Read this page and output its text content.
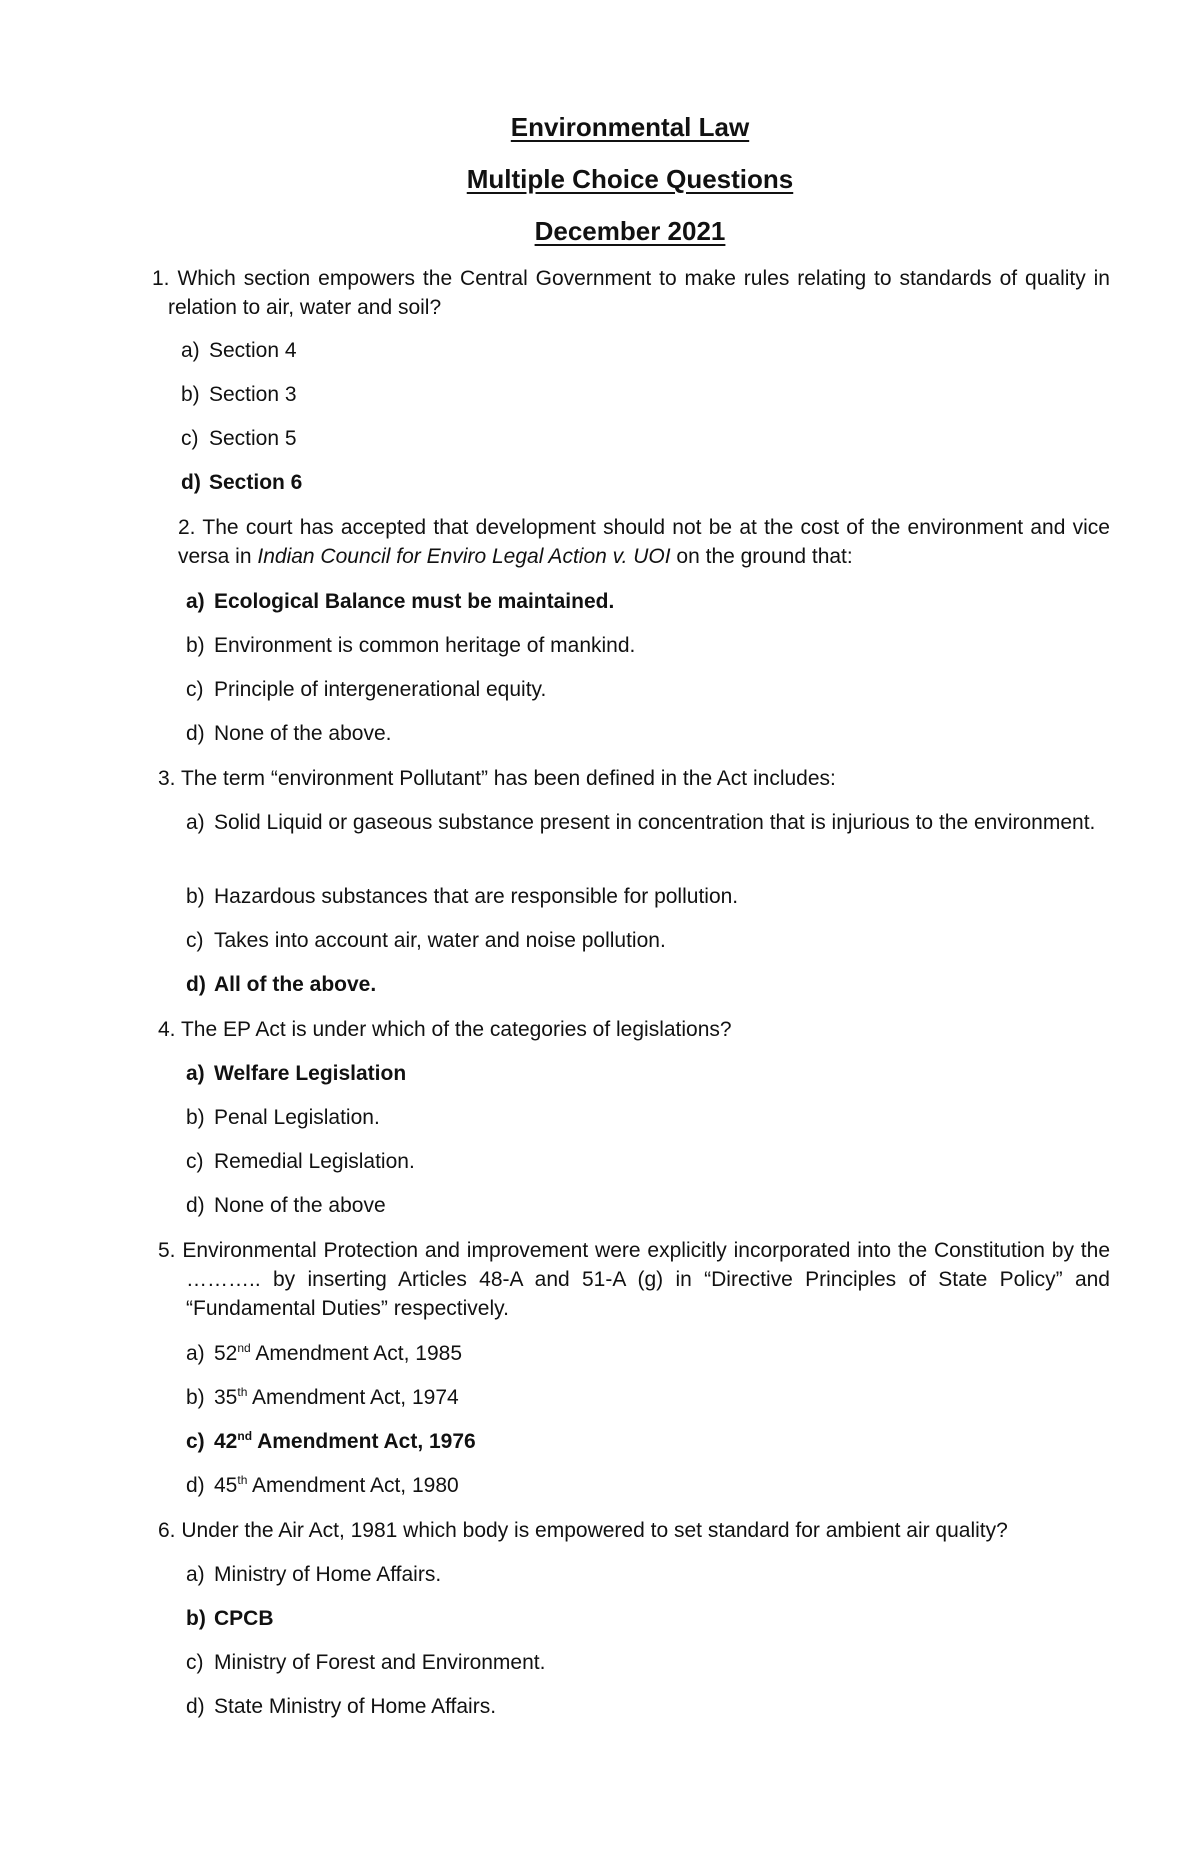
Environmental Law
Multiple Choice Questions
December 2021

1. Which section empowers the Central Government to make rules relating to standards of quality in relation to air, water and soil?

a) Section 4

b) Section 3

c) Section 5

d) Section 6

2. The court has accepted that development should not be at the cost of the environment and vice versa in Indian Council for Enviro Legal Action v. UOI on the ground that:

a) Ecological Balance must be maintained.

b) Environment is common heritage of mankind.

c) Principle of intergenerational equity.

d) None of the above.

3. The term “environment Pollutant” has been defined in the Act includes:

a) Solid Liquid or gaseous substance present in concentration that is injurious to the environment.

b) Hazardous substances that are responsible for pollution.

c) Takes into account air, water and noise pollution.

d) All of the above.

4. The EP Act is under which of the categories of legislations?

a) Welfare Legislation

b) Penal Legislation.

c) Remedial Legislation.

d) None of the above

5. Environmental Protection and improvement were explicitly incorporated into the Constitution by the ……….. by inserting Articles 48-A and 51-A (g) in “Directive Principles of State Policy” and “Fundamental Duties” respectively.

a) 52nd Amendment Act, 1985

b) 35th Amendment Act, 1974

c) 42nd Amendment Act, 1976

d) 45th Amendment Act, 1980

6. Under the Air Act, 1981 which body is empowered to set standard for ambient air quality?

a) Ministry of Home Affairs.

b) CPCB

c) Ministry of Forest and Environment.

d) State Ministry of Home Affairs.
